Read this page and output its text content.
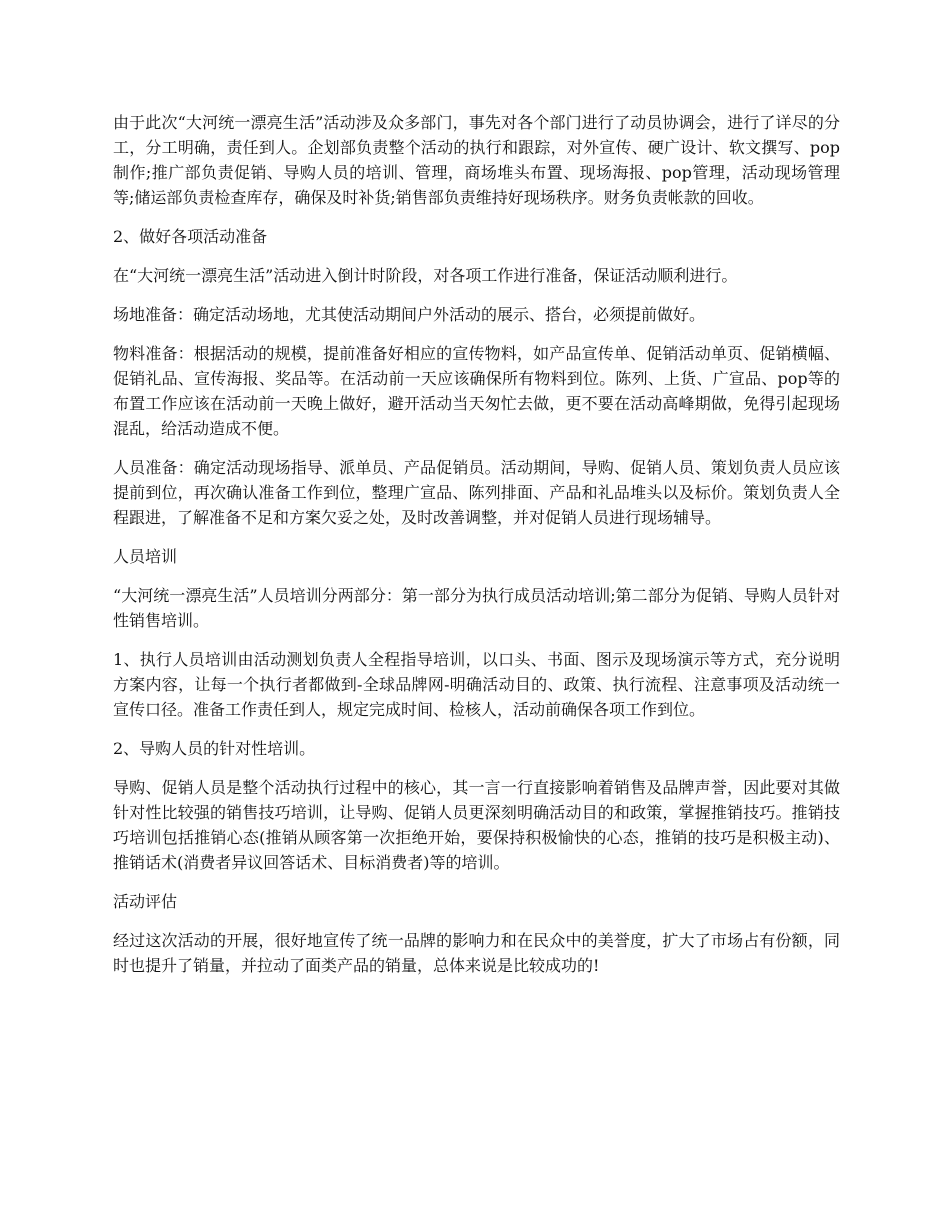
由于此次“大河统一漂亮生活”活动涉及众多部门，事先对各个部门进行了动员协调会，进行了详尽的分工，分工明确，责任到人。企划部负责整个活动的执行和跟踪，对外宣传、硬广设计、软文撰写、pop制作;推广部负责促销、导购人员的培训、管理，商场堆头布置、现场海报、pop管理，活动现场管理等;储运部负责检查库存，确保及时补货;销售部负责维持好现场秩序。财务负责帐款的回收。

2、做好各项活动准备

在“大河统一漂亮生活”活动进入倒计时阶段，对各项工作进行准备，保证活动顺利进行。

场地准备：确定活动场地，尤其使活动期间户外活动的展示、搭台，必须提前做好。

物料准备：根据活动的规模，提前准备好相应的宣传物料，如产品宣传单、促销活动单页、促销横幅、促销礼品、宣传海报、奖品等。在活动前一天应该确保所有物料到位。陈列、上货、广宣品、pop等的布置工作应该在活动前一天晚上做好，避开活动当天匆忙去做，更不要在活动高峰期做，免得引起现场混乱，给活动造成不便。

人员准备：确定活动现场指导、派单员、产品促销员。活动期间，导购、促销人员、策划负责人员应该提前到位，再次确认准备工作到位，整理广宣品、陈列排面、产品和礼品堆头以及标价。策划负责人全程跟进，了解准备不足和方案欠妥之处，及时改善调整，并对促销人员进行现场辅导。

人员培训

“大河统一漂亮生活”人员培训分两部分：第一部分为执行成员活动培训;第二部分为促销、导购人员针对性销售培训。

1、执行人员培训由活动测划负责人全程指导培训，以口头、书面、图示及现场演示等方式，充分说明方案内容，让每一个执行者都做到-全球品牌网-明确活动目的、政策、执行流程、注意事项及活动统一宣传口径。准备工作责任到人，规定完成时间、检核人，活动前确保各项工作到位。

2、导购人员的针对性培训。

导购、促销人员是整个活动执行过程中的核心，其一言一行直接影响着销售及品牌声誉，因此要对其做针对性比较强的销售技巧培训，让导购、促销人员更深刻明确活动目的和政策，掌握推销技巧。推销技巧培训包括推销心态(推销从顾客第一次拒绝开始，要保持积极愉快的心态，推销的技巧是积极主动)、推销话术(消费者异议回答话术、目标消费者)等的培训。

活动评估

经过这次活动的开展，很好地宣传了统一品牌的影响力和在民众中的美誉度，扩大了市场占有份额，同时也提升了销量，并拉动了面类产品的销量，总体来说是比较成功的!
